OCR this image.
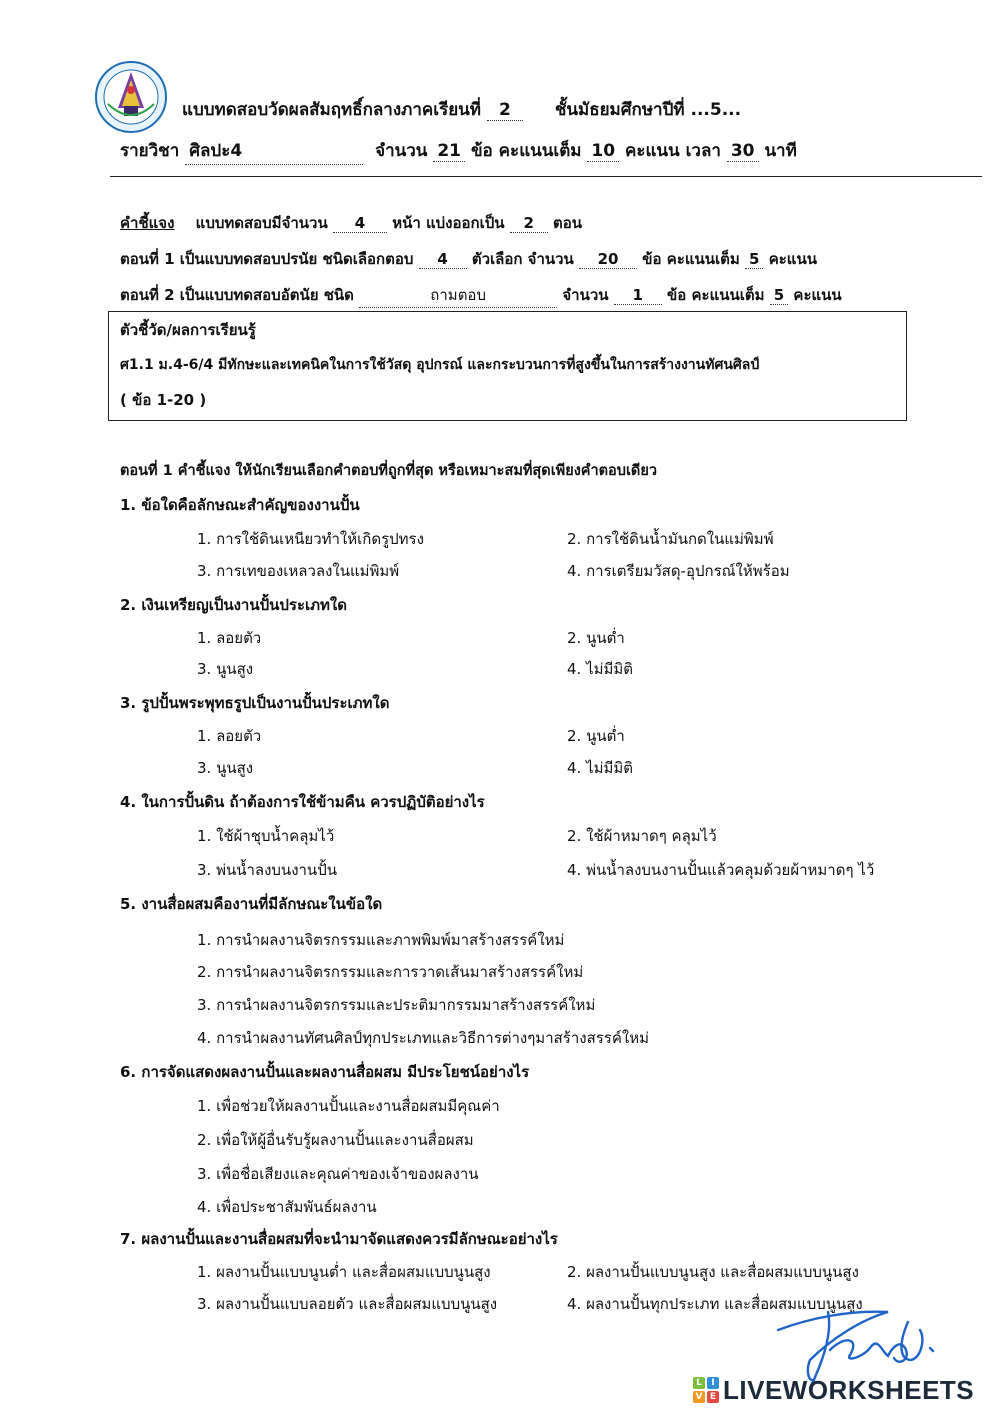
แบบทดสอบวัดผลสัมฤทธิ์กลางภาคเรียนที่ 2	ชั้นมัธยมศึกษาปีที่ ...5...
รายวิชา ศิลปะ4	จำนวน 21 ข้อ คะแนนเต็ม 10 คะแนน เวลา 30 นาที
คำชี้แจง แบบทดสอบมีจำนวน 4 หน้า แบ่งออกเป็น 2 ตอน
ตอนที่ 1 เป็นแบบทดสอบปรนัย ชนิดเลือกตอบ 4 ตัวเลือก จำนวน 20 ข้อ คะแนนเต็ม 5 คะแนน
ตอนที่ 2 เป็นแบบทดสอบอัตนัย ชนิด	ถามตอบ	จำนวน 1 ข้อ คะแนนเต็ม 5 คะแนน
ตัวชี้วัด/ผลการเรียนรู้
ศ1.1 ม.4-6/4 มีทักษะและเทคนิคในการใช้วัสดุ อุปกรณ์ และกระบวนการที่สูงขึ้นในการสร้างงานทัศนศิลป์
( ข้อ 1-20 )
ตอนที่ 1 คำชี้แจง ให้นักเรียนเลือกคำตอบที่ถูกที่สุด หรือเหมาะสมที่สุดเพียงคำตอบเดียว
1. ข้อใดคือลักษณะสำคัญของงานปั้น
1. การใช้ดินเหนียวทำให้เกิดรูปทรง	2. การใช้ดินน้ำมันกดในแม่พิมพ์
3. การเทของเหลวลงในแม่พิมพ์	4. การเตรียมวัสดุ-อุปกรณ์ให้พร้อม
2. เงินเหรียญเป็นงานปั้นประเภทใด
1. ลอยตัว	2. นูนต่ำ
3. นูนสูง	4. ไม่มีมิติ
3. รูปปั้นพระพุทธรูปเป็นงานปั้นประเภทใด
1. ลอยตัว	2. นูนต่ำ
3. นูนสูง	4. ไม่มีมิติ
4. ในการปั้นดิน ถ้าต้องการใช้ข้ามคืน ควรปฏิบัติอย่างไร
1. ใช้ผ้าชุบน้ำคลุมไว้	2. ใช้ผ้าหมาดๆ คลุมไว้
3. พ่นน้ำลงบนงานปั้น	4. พ่นน้ำลงบนงานปั้นแล้วคลุมด้วยผ้าหมาดๆ ไว้
5. งานสื่อผสมคืองานที่มีลักษณะในข้อใด
1. การนำผลงานจิตรกรรมและภาพพิมพ์มาสร้างสรรค์ใหม่
2. การนำผลงานจิตรกรรมและการวาดเส้นมาสร้างสรรค์ใหม่
3. การนำผลงานจิตรกรรมและประติมากรรมมาสร้างสรรค์ใหม่
4. การนำผลงานทัศนศิลป์ทุกประเภทและวิธีการต่างๆมาสร้างสรรค์ใหม่
6. การจัดแสดงผลงานปั้นและผลงานสื่อผสม มีประโยชน์อย่างไร
1. เพื่อช่วยให้ผลงานปั้นและงานสื่อผสมมีคุณค่า
2. เพื่อให้ผู้อื่นรับรู้ผลงานปั้นและงานสื่อผสม
3. เพื่อชื่อเสียงและคุณค่าของเจ้าของผลงาน
4. เพื่อประชาสัมพันธ์ผลงาน
7. ผลงานปั้นและงานสื่อผสมที่จะนำมาจัดแสดงควรมีลักษณะอย่างไร
1. ผลงานปั้นแบบนูนต่ำ และสื่อผสมแบบนูนสูง	2. ผลงานปั้นแบบนูนสูง และสื่อผสมแบบนูนสูง
3. ผลงานปั้นแบบลอยตัว และสื่อผสมแบบนูนสูง	4. ผลงานปั้นทุกประเภท และสื่อผสมแบบนูนสูง
L	I
V E LIVEWORKSHEETS
